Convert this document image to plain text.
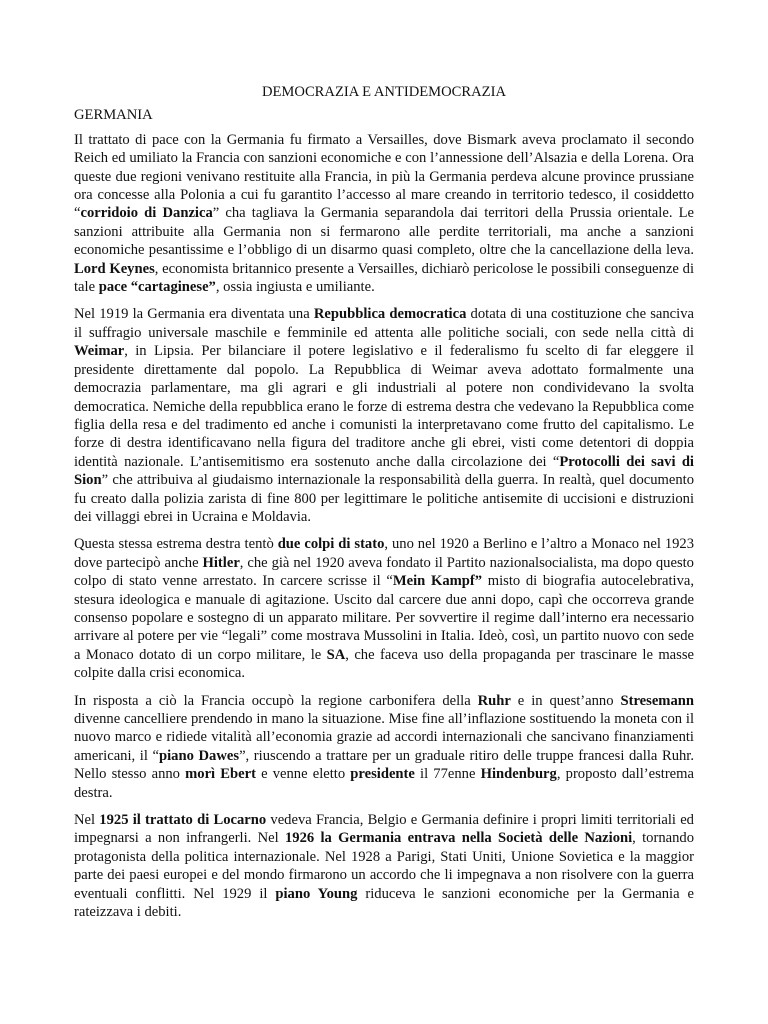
DEMOCRAZIA E ANTIDEMOCRAZIA
GERMANIA

Il trattato di pace con la Germania fu firmato a Versailles, dove Bismark aveva proclamato il secondo Reich ed umiliato la Francia con sanzioni economiche e con l’annessione dell’Alsazia e della Lorena. Ora queste due regioni venivano restituite alla Francia, in più la Germania perdeva alcune province prussiane ora concesse alla Polonia a cui fu garantito l’accesso al mare creando in territorio tedesco, il cosiddetto “corridoio di Danzica” cha tagliava la Germania separandola dai territori della Prussia orientale. Le sanzioni attribuite alla Germania non si fermarono alle perdite territoriali, ma anche a sanzioni economiche pesantissime e l’obbligo di un disarmo quasi completo, oltre che la cancellazione della leva. Lord Keynes, economista britannico presente a Versailles, dichiarò pericolose le possibili conseguenze di tale pace “cartaginese”, ossia ingiusta e umiliante.

Nel 1919 la Germania era diventata una Repubblica democratica dotata di una costituzione che sanciva il suffragio universale maschile e femminile ed attenta alle politiche sociali, con sede nella città di Weimar, in Lipsia. Per bilanciare il potere legislativo e il federalismo fu scelto di far eleggere il presidente direttamente dal popolo. La Repubblica di Weimar aveva adottato formalmente una democrazia parlamentare, ma gli agrari e gli industriali al potere non condividevano la svolta democratica. Nemiche della repubblica erano le forze di estrema destra che vedevano la Repubblica come figlia della resa e del tradimento ed anche i comunisti la interpretavano come frutto del capitalismo. Le forze di destra identificavano nella figura del traditore anche gli ebrei, visti come detentori di doppia identità nazionale. L’antisemitismo era sostenuto anche dalla circolazione dei “Protocolli dei savi di Sion” che attribuiva al giudaismo internazionale la responsabilità della guerra. In realtà, quel documento fu creato dalla polizia zarista di fine 800 per legittimare le politiche antisemite di uccisioni e distruzioni dei villaggi ebrei in Ucraina e Moldavia.

Questa stessa estrema destra tentò due colpi di stato, uno nel 1920 a Berlino e l’altro a Monaco nel 1923 dove partecipò anche Hitler, che già nel 1920 aveva fondato il Partito nazionalsocialista, ma dopo questo colpo di stato venne arrestato. In carcere scrisse il “Mein Kampf” misto di biografia autocelebrativa, stesura ideologica e manuale di agitazione. Uscito dal carcere due anni dopo, capì che occorreva grande consenso popolare e sostegno di un apparato militare. Per sovvertire il regime dall’interno era necessario arrivare al potere per vie “legali” come mostrava Mussolini in Italia. Ideò, così, un partito nuovo con sede a Monaco dotato di un corpo militare, le SA, che faceva uso della propaganda per trascinare le masse colpite dalla crisi economica.

In risposta a ciò la Francia occupò la regione carbonifera della Ruhr e in quest’anno Stresemann divenne cancelliere prendendo in mano la situazione. Mise fine all’inflazione sostituendo la moneta con il nuovo marco e ridiede vitalità all’economia grazie ad accordi internazionali che sancivano finanziamenti americani, il “piano Dawes”, riuscendo a trattare per un graduale ritiro delle truppe francesi dalla Ruhr. Nello stesso anno morì Ebert e venne eletto presidente il 77enne Hindenburg, proposto dall’estrema destra.

Nel 1925 il trattato di Locarno vedeva Francia, Belgio e Germania definire i propri limiti territoriali ed impegnarsi a non infrangerli. Nel 1926 la Germania entrava nella Società delle Nazioni, tornando protagonista della politica internazionale. Nel 1928 a Parigi, Stati Uniti, Unione Sovietica e la maggior parte dei paesi europei e del mondo firmarono un accordo che li impegnava a non risolvere con la guerra eventuali conflitti. Nel 1929 il piano Young riduceva le sanzioni economiche per la Germania e rateizzava i debiti.
